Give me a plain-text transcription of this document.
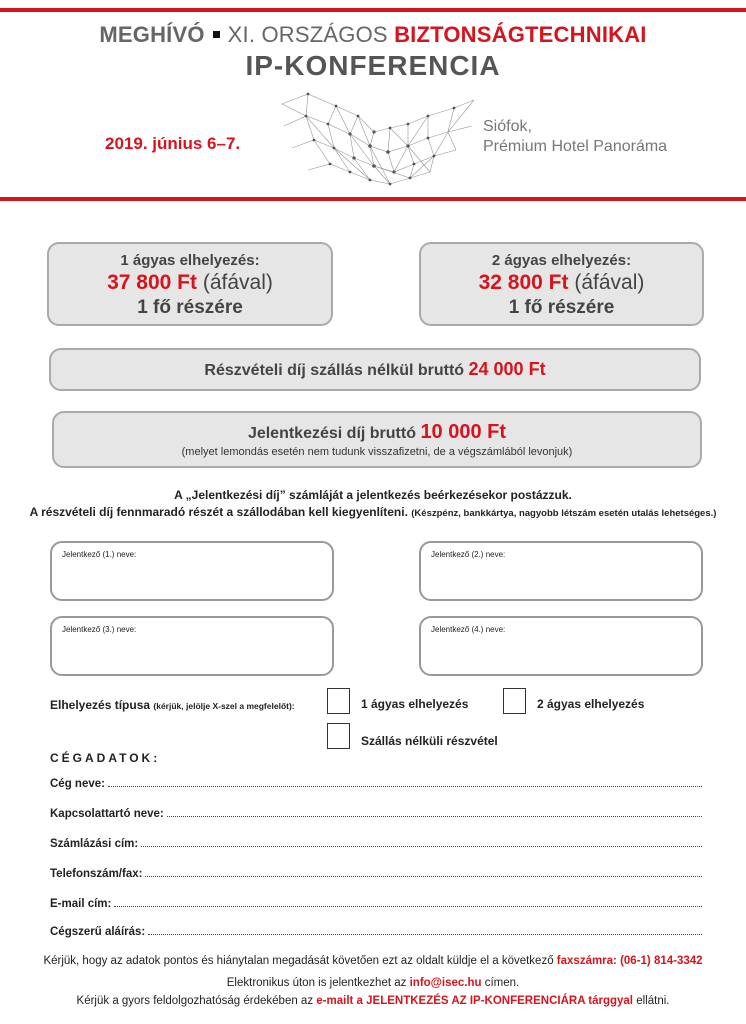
MEGHÍVÓ XI. ORSZÁGOS BIZTONSÁGTECHNIKAI
IP-KONFERENCIA
2019. június 6–7.
Siófok,
Prémium Hotel Panoráma
1 ágyas elhelyezés:
37 800 Ft (áfával)
1 fő részére
2 ágyas elhelyezés:
32 800 Ft (áfával)
1 fő részére
Részvételi díj szállás nélkül bruttó 24 000 Ft
Jelentkezési díj bruttó 10 000 Ft
(melyet lemondás esetén nem tudunk visszafizetni, de a végszámlából levonjuk)
A „Jelentkezési díj” számláját a jelentkezés beérkezésekor postázzuk.
A részvételi díj fennmaradó részét a szállodában kell kiegyenlíteni. (Készpénz, bankkártya, nagyobb létszám esetén utalás lehetséges.)
Jelentkező (1.) neve:	Jelentkező (2.) neve:
Jelentkező (3.) neve:	Jelentkező (4.) neve:
Elhelyezés típusa (kérjük, jelölje X-szel a megfelelőt):	1 ágyas elhelyezés	2 ágyas elhelyezés
Szállás nélküli részvétel
CÉGADATOK:
Cég neve:
Kapcsolattartó neve:
Számlázási cím:
Telefonszám/fax:
E-mail cím:
Cégszerű aláírás:
Kérjük, hogy az adatok pontos és hiánytalan megadását követően ezt az oldalt küldje el a következő faxszámra: (06-1) 814-3342
Elektronikus úton is jelentkezhet az info@isec.hu címen.
Kérjük a gyors feldolgozhatóság érdekében az e-mailt a JELENTKEZÉS AZ IP-KONFERENCIÁRA tárggyal ellátni.
